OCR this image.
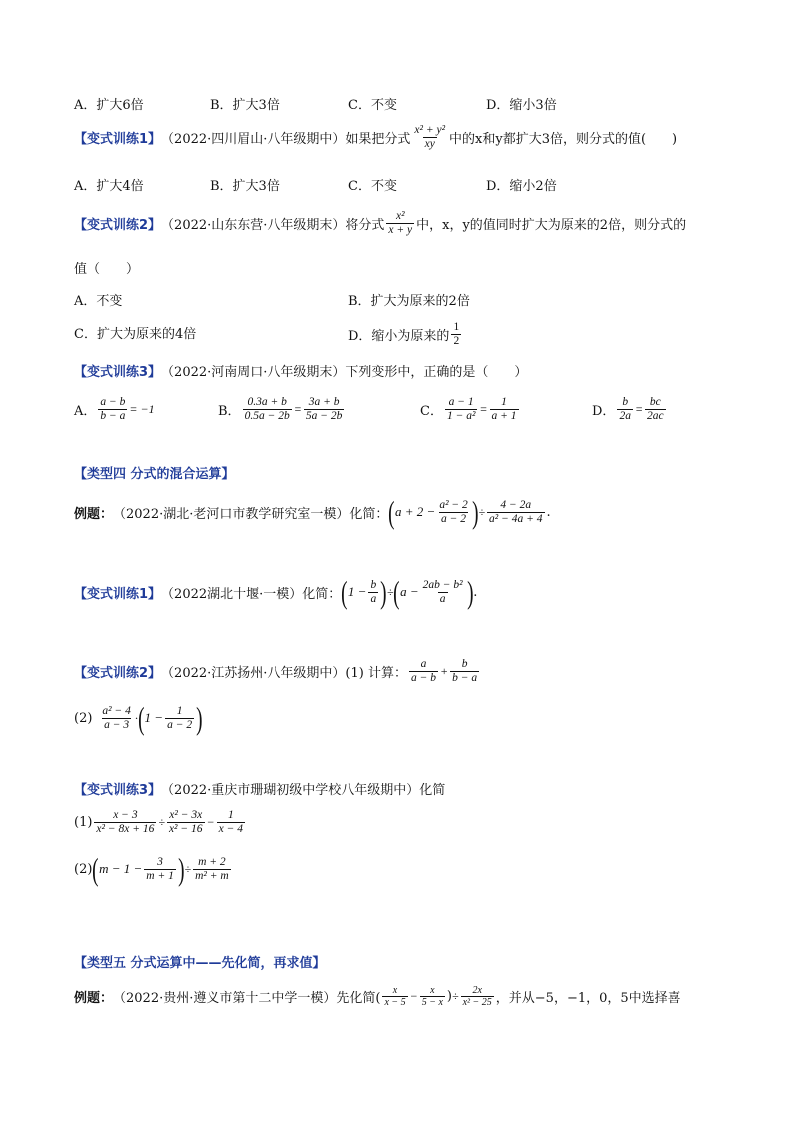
A．扩大6倍	B．扩大3倍	C．不变	D．缩小3倍
【变式训练1】 （2022·四川眉山·八年级期中）如果把分式
x² + y²
xy 中的x和y都扩大3倍，则分式的值(　　)
A．扩大4倍	B．扩大3倍	C．不变	D．缩小2倍
【变式训练2】 （2022·山东东营·八年级期末）将分式
x²
x + y 中，x，y的值同时扩大为原来的2倍，则分式的
值（　　）
A．不变	B．扩大为原来的2倍
C．扩大为原来的4倍	D．缩小为原来的
1
2
【变式训练3】 （2022·河南周口·八年级期末）下列变形中，正确的是（　　）
A． $\frac{a - b}{b - a} = -1$	B． $\frac{0.3a + b}{0.5a - 2b} = \frac{3a + b}{5a - 2b}$	C． $\frac{a - 1}{\text{1 − a²}} = \frac{1}{a + 1}$	D． $\frac{b}{2a} = \frac{bc}{2ac}$
【类型四 分式的混合运算】
例题： （2022·湖北·老河口市教学研究室一模）化简： ( $a + 2 - \frac{\text{a² − 2}}{a - 2}$ ) ÷ $\frac{4 - 2a}{\text{a² − 4a + 4}}$ .
【变式训练1】 （2022湖北十堰·一模）化简： ( $1 - \frac{b}{a}$ ) ÷ ( $a - \frac{\text{2ab − b²}}{a}$ ) .
【变式训练2】 （2022·江苏扬州·八年级期中）(1) 计算：
a
$a - b + \frac{b}{b - a}$
(2) a² − 4
a − 3 · ( $1 - \frac{1}{a - 2}$ )
【变式训练3】 （2022·重庆市珊瑚初级中学校八年级期中）化简
$(1) \frac{x - 3}{\text{x² − 8x + 16}} \div \frac{\text{x² − 3x}}{\text{x² − 16}} - \frac{1}{x - 4}$
(2) ( $m - 1 - \frac{3}{m + 1}$ ) ÷ $\frac{m + 2}{\text{m² + m}}$
【类型五 分式运算中——先化简，再求值】
例题： （2022·贵州·遵义市第十二中学一模）先化简(
x
$x - 5 - \frac{x}{5 - x}$ ) ÷ $\frac{2x}{\text{x² − 25}}$ ，并从−5，−1，0，5中选择喜
